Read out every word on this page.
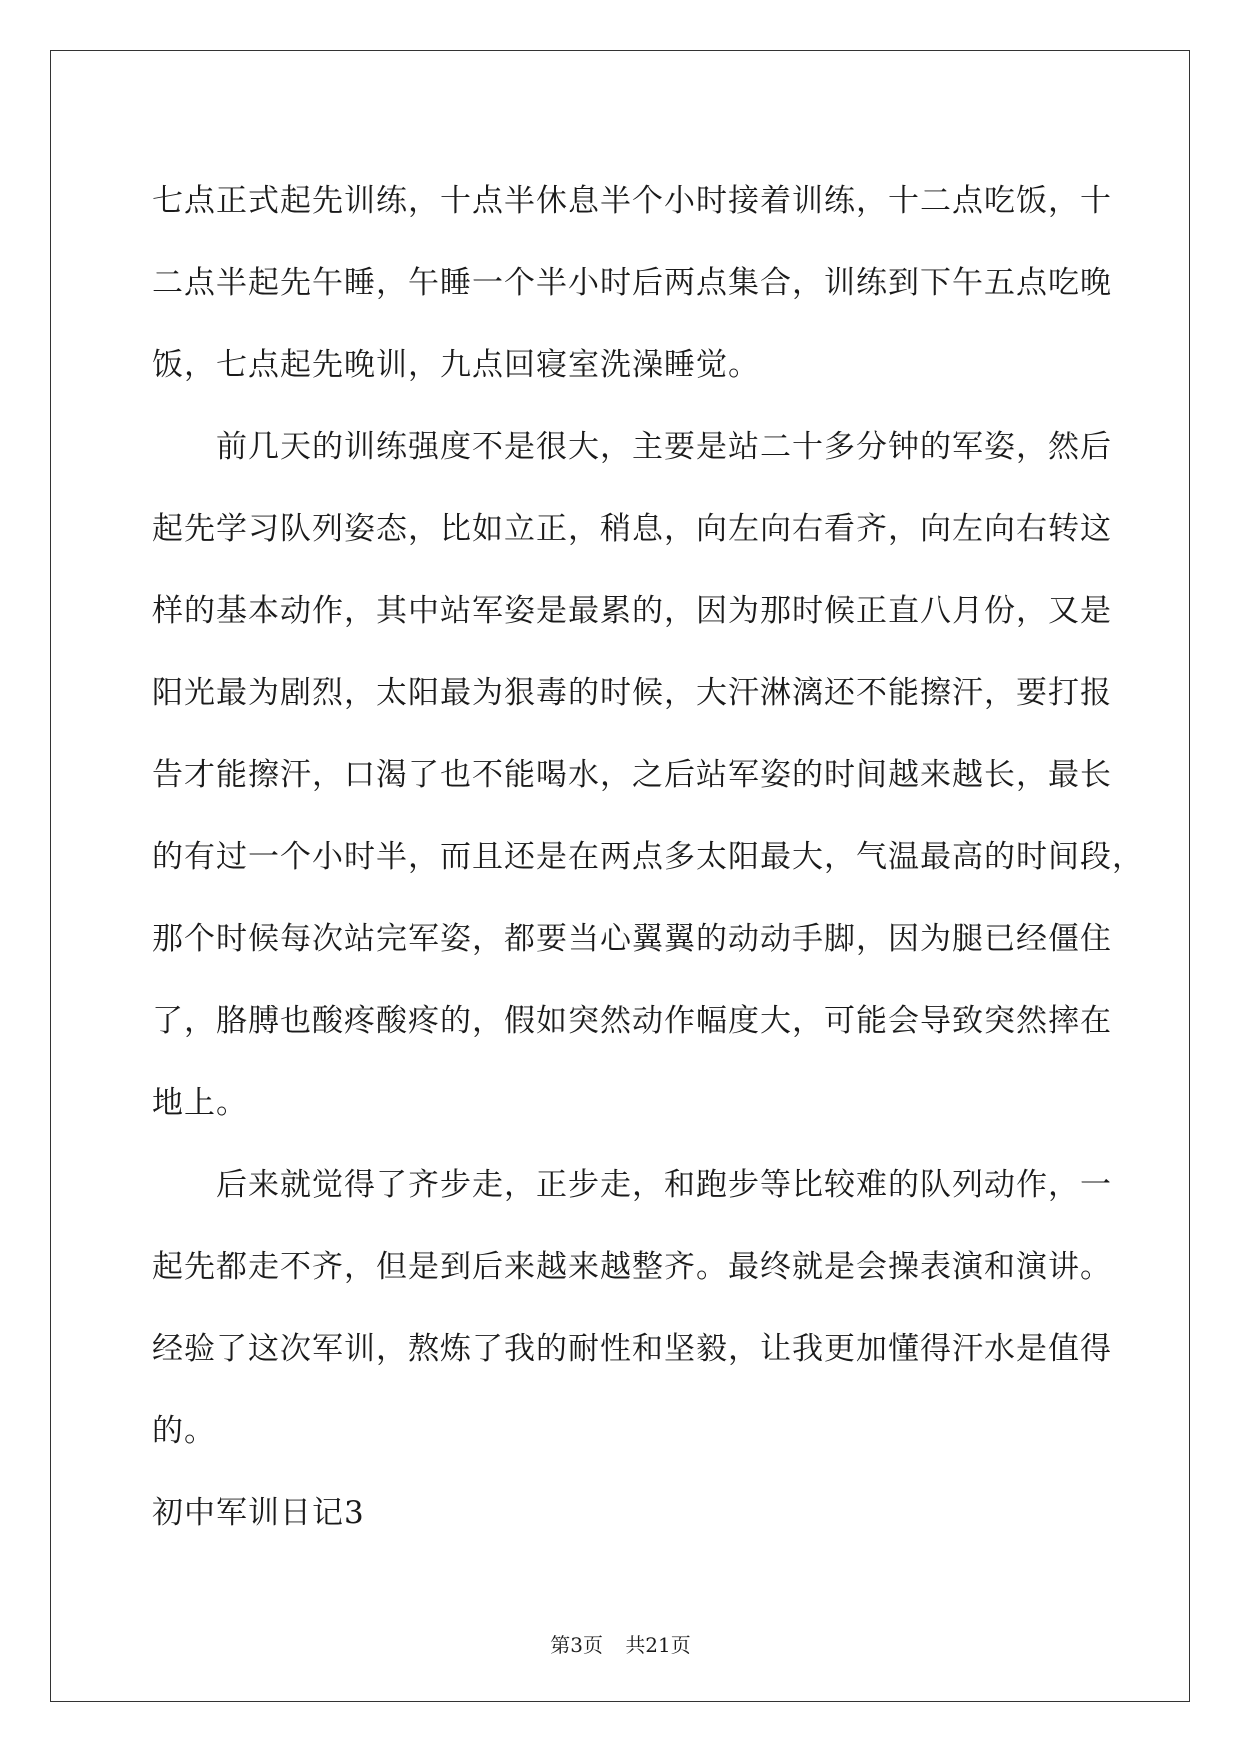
七点正式起先训练，十点半休息半个小时接着训练，十二点吃饭，十
二点半起先午睡，午睡一个半小时后两点集合，训练到下午五点吃晚
饭，七点起先晚训，九点回寝室洗澡睡觉。
前几天的训练强度不是很大，主要是站二十多分钟的军姿，然后
起先学习队列姿态，比如立正，稍息，向左向右看齐，向左向右转这
样的基本动作，其中站军姿是最累的，因为那时候正直八月份，又是
阳光最为剧烈，太阳最为狠毒的时候，大汗淋漓还不能擦汗，要打报
告才能擦汗，口渴了也不能喝水，之后站军姿的时间越来越长，最长
的有过一个小时半，而且还是在两点多太阳最大，气温最高的时间段，
那个时候每次站完军姿，都要当心翼翼的动动手脚，因为腿已经僵住
了，胳膊也酸疼酸疼的，假如突然动作幅度大，可能会导致突然摔在
地上。
后来就觉得了齐步走，正步走，和跑步等比较难的队列动作，一
起先都走不齐，但是到后来越来越整齐。最终就是会操表演和演讲。
经验了这次军训，熬炼了我的耐性和坚毅，让我更加懂得汗水是值得
的。
初中军训日记3
第3页 共21页
